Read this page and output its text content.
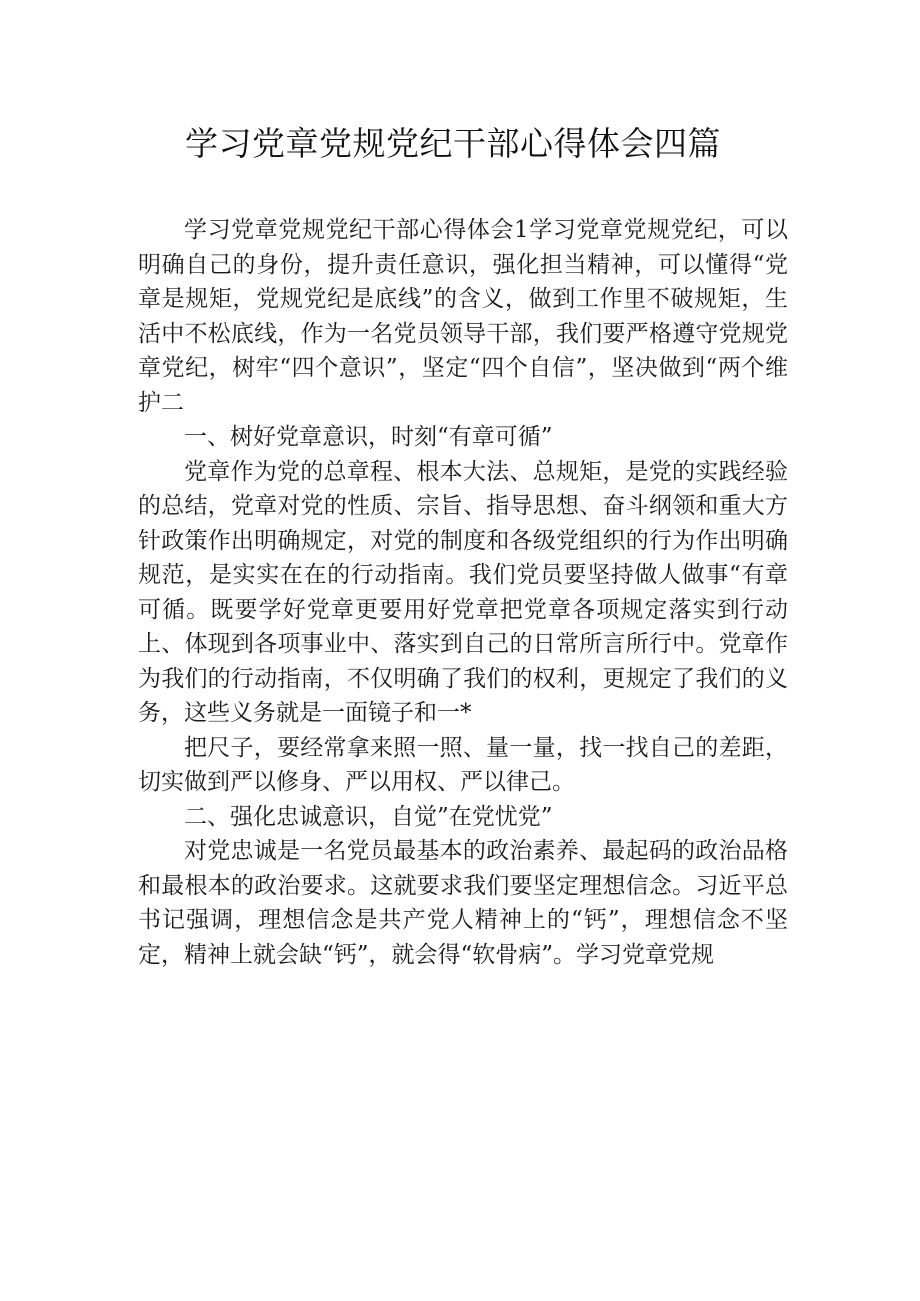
学习党章党规党纪干部心得体会四篇

学习党章党规党纪干部心得体会1学习党章党规党纪，可以明确自己的身份，提升责任意识，强化担当精神，可以懂得“党章是规矩，党规党纪是底线”的含义，做到工作里不破规矩，生活中不松底线，作为一名党员领导干部，我们要严格遵守党规党章党纪，树牢“四个意识”，坚定“四个自信”，坚决做到“两个维护二

一、树好党章意识，时刻“有章可循”

党章作为党的总章程、根本大法、总规矩，是党的实践经验的总结，党章对党的性质、宗旨、指导思想、奋斗纲领和重大方针政策作出明确规定，对党的制度和各级党组织的行为作出明确规范，是实实在在的行动指南。我们党员要坚持做人做事“有章可循。既要学好党章更要用好党章把党章各项规定落实到行动上、体现到各项事业中、落实到自己的日常所言所行中。党章作为我们的行动指南，不仅明确了我们的权利，更规定了我们的义务，这些义务就是一面镜子和一*

把尺子，要经常拿来照一照、量一量，找一找自己的差距，切实做到严以修身、严以用权、严以律己。

二、强化忠诚意识，自觉”在党忧党”

对党忠诚是一名党员最基本的政治素养、最起码的政治品格和最根本的政治要求。这就要求我们要坚定理想信念。习近平总书记强调，理想信念是共产党人精神上的“钙”，理想信念不坚定，精神上就会缺“钙”，就会得“软骨病”。学习党章党规
